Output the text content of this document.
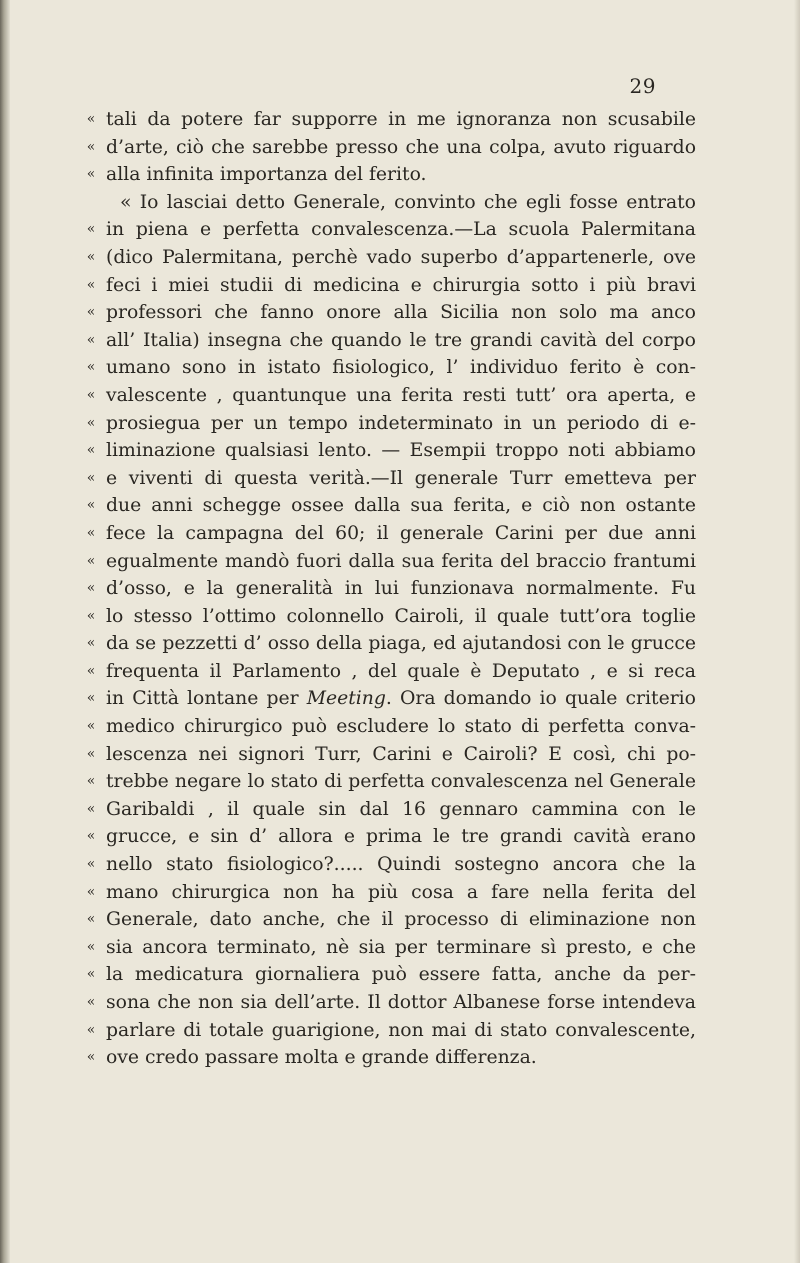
29
« tali da potere far supporre in me ignoranza non scusabile
« d’arte, ciò che sarebbe presso che una colpa, avuto riguardo
« alla infinita importanza del ferito.
« Io lasciai detto Generale, convinto che egli fosse entrato
« in piena e perfetta convalescenza.—La scuola Palermitana
« (dico Palermitana, perchè vado superbo d’appartenerle, ove
« feci i miei studii di medicina e chirurgia sotto i più bravi
« professori che fanno onore alla Sicilia non solo ma anco
« all’ Italia) insegna che quando le tre grandi cavità del corpo
« umano sono in istato fisiologico, l’ individuo ferito è con-
« valescente , quantunque una ferita resti tutt’ ora aperta, e
« prosiegua per un tempo indeterminato in un periodo di e-
« liminazione qualsiasi lento. — Esempii troppo noti abbiamo
« e viventi di questa verità.—Il generale Turr emetteva per
« due anni schegge ossee dalla sua ferita, e ciò non ostante
« fece la campagna del 60; il generale Carini per due anni
« egualmente mandò fuori dalla sua ferita del braccio frantumi
« d’osso, e la generalità in lui funzionava normalmente. Fu
« lo stesso l’ottimo colonnello Cairoli, il quale tutt’ora toglie
« da se pezzetti d’ osso della piaga, ed ajutandosi con le grucce
« frequenta il Parlamento , del quale è Deputato , e si reca
« in Città lontane per Meeting. Ora domando io quale criterio
« medico chirurgico può escludere lo stato di perfetta conva-
« lescenza nei signori Turr, Carini e Cairoli? E così, chi po-
« trebbe negare lo stato di perfetta convalescenza nel Generale
« Garibaldi , il quale sin dal 16 gennaro cammina con le
« grucce, e sin d’ allora e prima le tre grandi cavità erano
« nello stato fisiologico?..... Quindi sostegno ancora che la
« mano chirurgica non ha più cosa a fare nella ferita del
« Generale, dato anche, che il processo di eliminazione non
« sia ancora terminato, nè sia per terminare sì presto, e che
« la medicatura giornaliera può essere fatta, anche da per-
« sona che non sia dell’arte. Il dottor Albanese forse intendeva
« parlare di totale guarigione, non mai di stato convalescente,
« ove credo passare molta e grande differenza.
